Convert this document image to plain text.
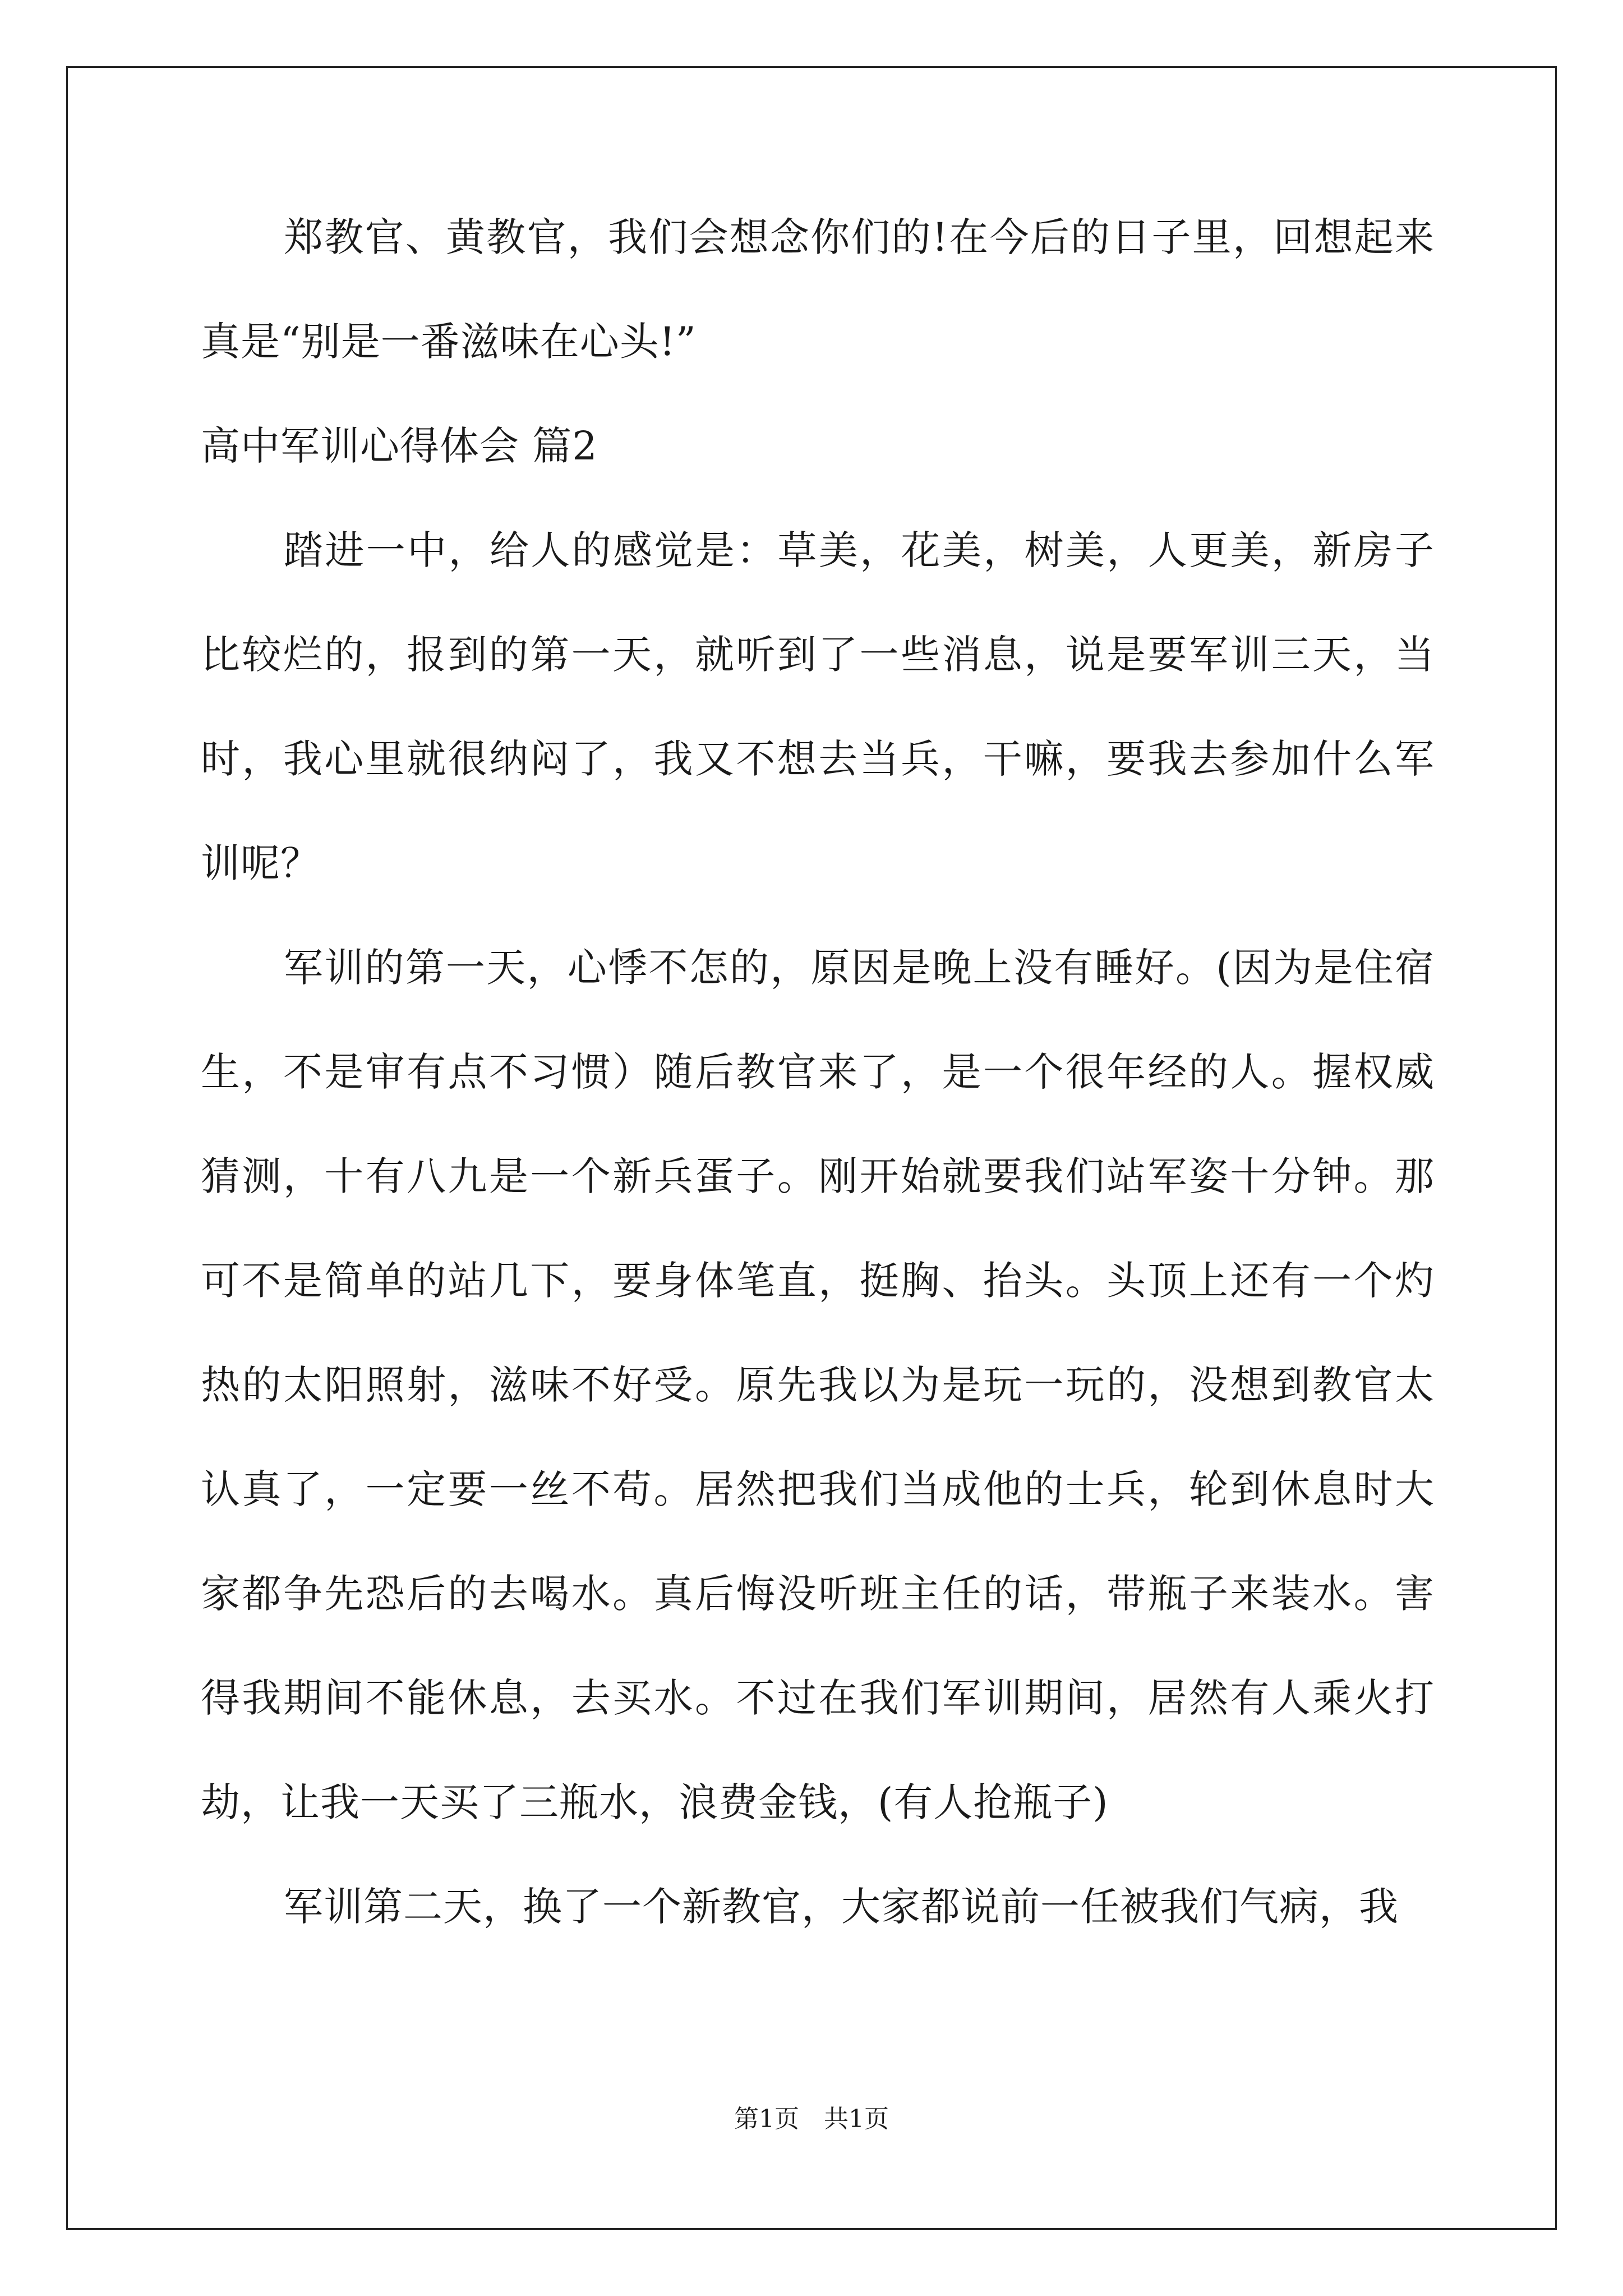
郑教官、黄教官，我们会想念你们的!在今后的日子里，回想起来真是“别是一番滋味在心头!”

高中军训心得体会 篇2

踏进一中，给人的感觉是：草美，花美，树美，人更美，新房子比较烂的，报到的第一天，就听到了一些消息，说是要军训三天，当时，我心里就很纳闷了，我又不想去当兵，干嘛，要我去参加什么军训呢？

军训的第一天，心悸不怎的，原因是晚上没有睡好。(因为是住宿生，不是审有点不习惯）随后教官来了，是一个很年经的人。握权威猜测，十有八九是一个新兵蛋子。刚开始就要我们站军姿十分钟。那可不是简单的站几下，要身体笔直，挺胸、抬头。头顶上还有一个灼热的太阳照射，滋味不好受。原先我以为是玩一玩的，没想到教官太认真了，一定要一丝不苟。居然把我们当成他的士兵，轮到休息时大家都争先恐后的去喝水。真后悔没听班主任的话，带瓶子来装水。害得我期间不能休息，去买水。不过在我们军训期间，居然有人乘火打劫，让我一天买了三瓶水，浪费金钱，(有人抢瓶子)

军训第二天，换了一个新教官，大家都说前一任被我们气病，我

第1页 共1页
